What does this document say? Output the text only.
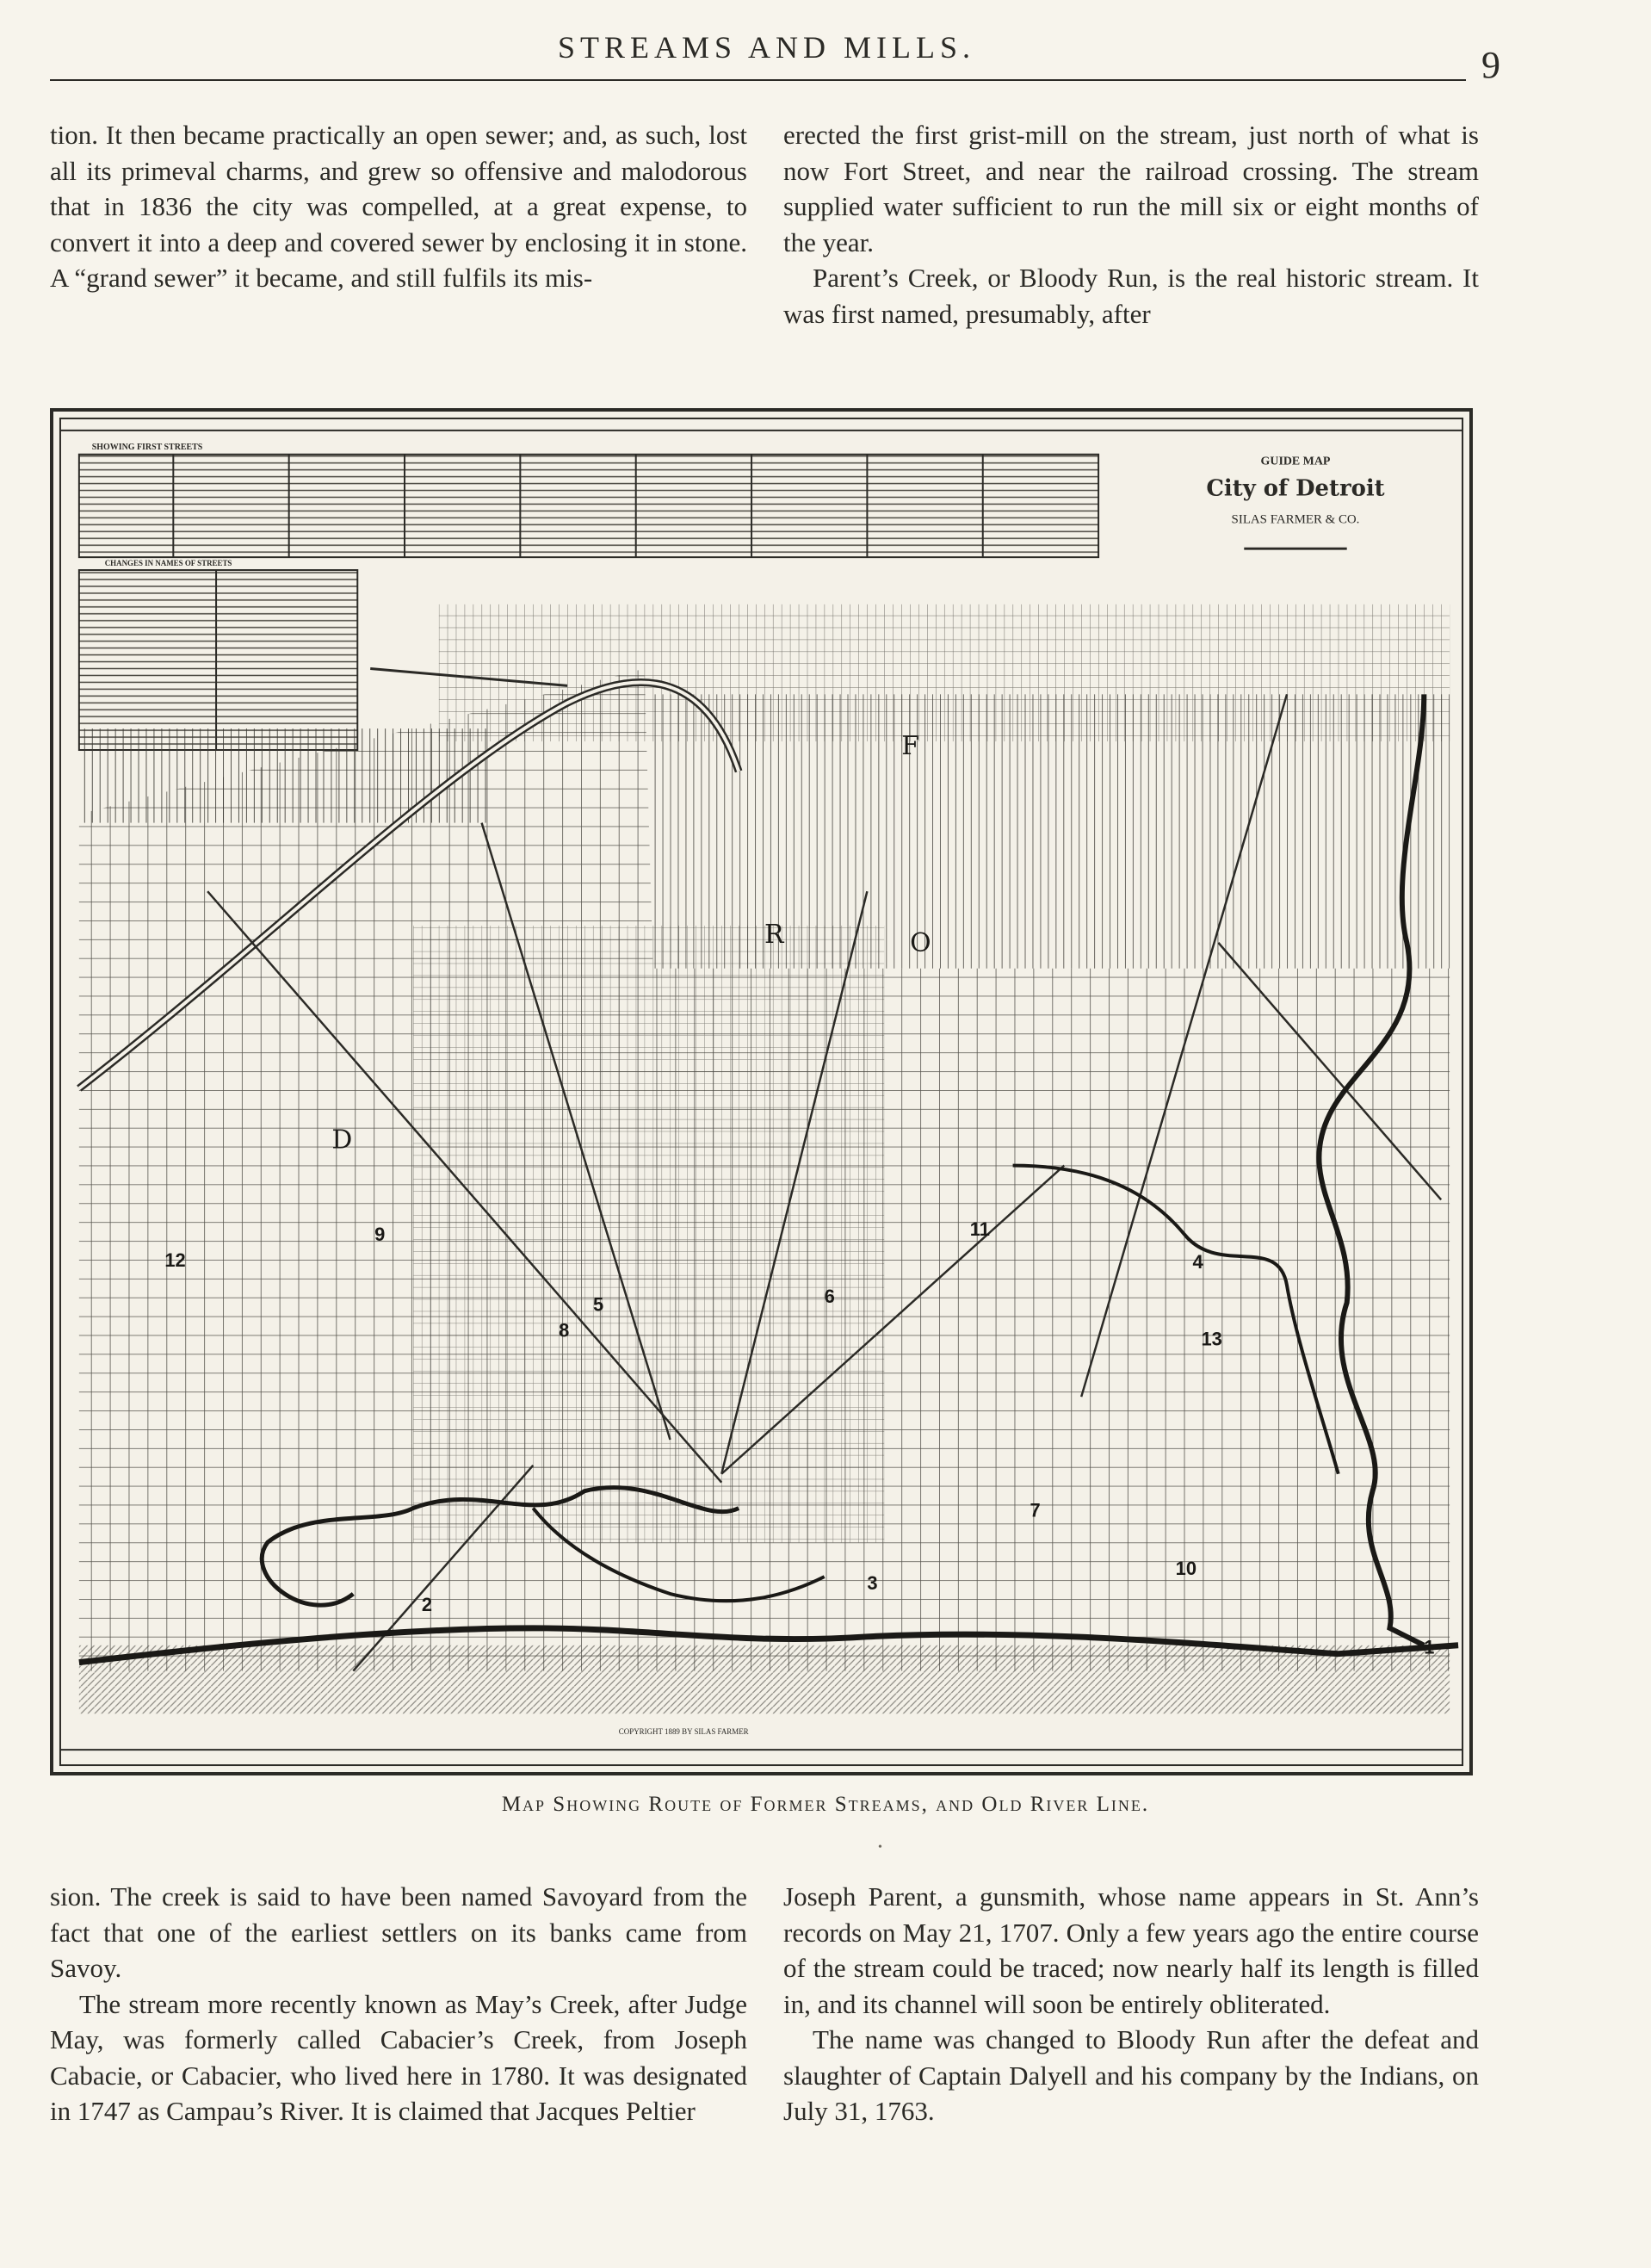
STREAMS AND MILLS.	9

tion. It then became practically an open sewer; and, as such, lost all its primeval charms, and grew so offensive and malodorous that in 1836 the city was compelled, at a great expense, to convert it into a deep and covered sewer by enclosing it in stone. A “grand sewer” it became, and still fulfils its mis-

erected the first grist-mill on the stream, just north of what is now Fort Street, and near the railroad crossing. The stream supplied water sufficient to run the mill six or eight months of the year.

Parent’s Creek, or Bloody Run, is the real historic stream. It was first named, presumably, after

SHOWING FIRST STREETS
CHANGES IN NAMES OF STREETS
GUIDE MAP
City of Detroit
SILAS FARMER & CO.
1
2
3
4
5	6
7
8
9
10
11
12
13
R	O
D
F
COPYRIGHT 1889 BY SILAS FARMER
Map Showing Route of Former Streams, and Old River Line.
•

sion. The creek is said to have been named Savoyard from the fact that one of the earliest settlers on its banks came from Savoy.

The stream more recently known as May’s Creek, after Judge May, was formerly called Cabacier’s Creek, from Joseph Cabacie, or Cabacier, who lived here in 1780. It was designated in 1747 as Campau’s River. It is claimed that Jacques Peltier

Joseph Parent, a gunsmith, whose name appears in St. Ann’s records on May 21, 1707. Only a few years ago the entire course of the stream could be traced; now nearly half its length is filled in, and its channel will soon be entirely obliterated.

The name was changed to Bloody Run after the defeat and slaughter of Captain Dalyell and his company by the Indians, on July 31, 1763.
